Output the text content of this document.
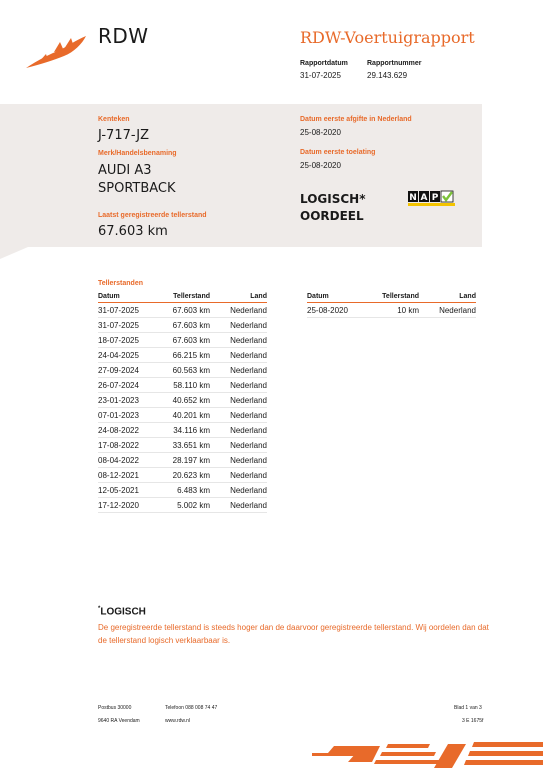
RDW	RDW-Voertuigrapport
Rapportdatum
31-07-2025
Rapportnummer
29.143.629
Kenteken
J-717-JZ
Merk/Handelsbenaming
AUDI A3
SPORTBACK
Laatst geregistreerde tellerstand
67.603 km
Datum eerste afgifte in Nederland
25-08-2020
Datum eerste toelating
25-08-2020
LOGISCH*
OORDEEL
N A P
Tellerstanden
Datum	Tellerstand	Land
31-07-2025	67.603 km	Nederland
31-07-2025	67.603 km	Nederland
18-07-2025	67.603 km	Nederland
24-04-2025	66.215 km	Nederland
27-09-2024	60.563 km	Nederland
26-07-2024	58.110 km	Nederland
23-01-2023	40.652 km	Nederland
07-01-2023	40.201 km	Nederland
24-08-2022	34.116 km	Nederland
17-08-2022	33.651 km	Nederland
08-04-2022	28.197 km	Nederland
08-12-2021	20.623 km	Nederland
12-05-2021	6.483 km	Nederland
17-12-2020	5.002 km	Nederland
Datum	Tellerstand	Land
25-08-2020	10 km	Nederland
*LOGISCH
De geregistreerde tellerstand is steeds hoger dan de daarvoor geregistreerde tellerstand. Wij oordelen dan dat de tellerstand logisch verklaarbaar is.
Postbus 30000
9640 RA Veendam
Telefoon 088 008 74 47
www.rdw.nl
Blad 1 van 3
3 E 1675f
